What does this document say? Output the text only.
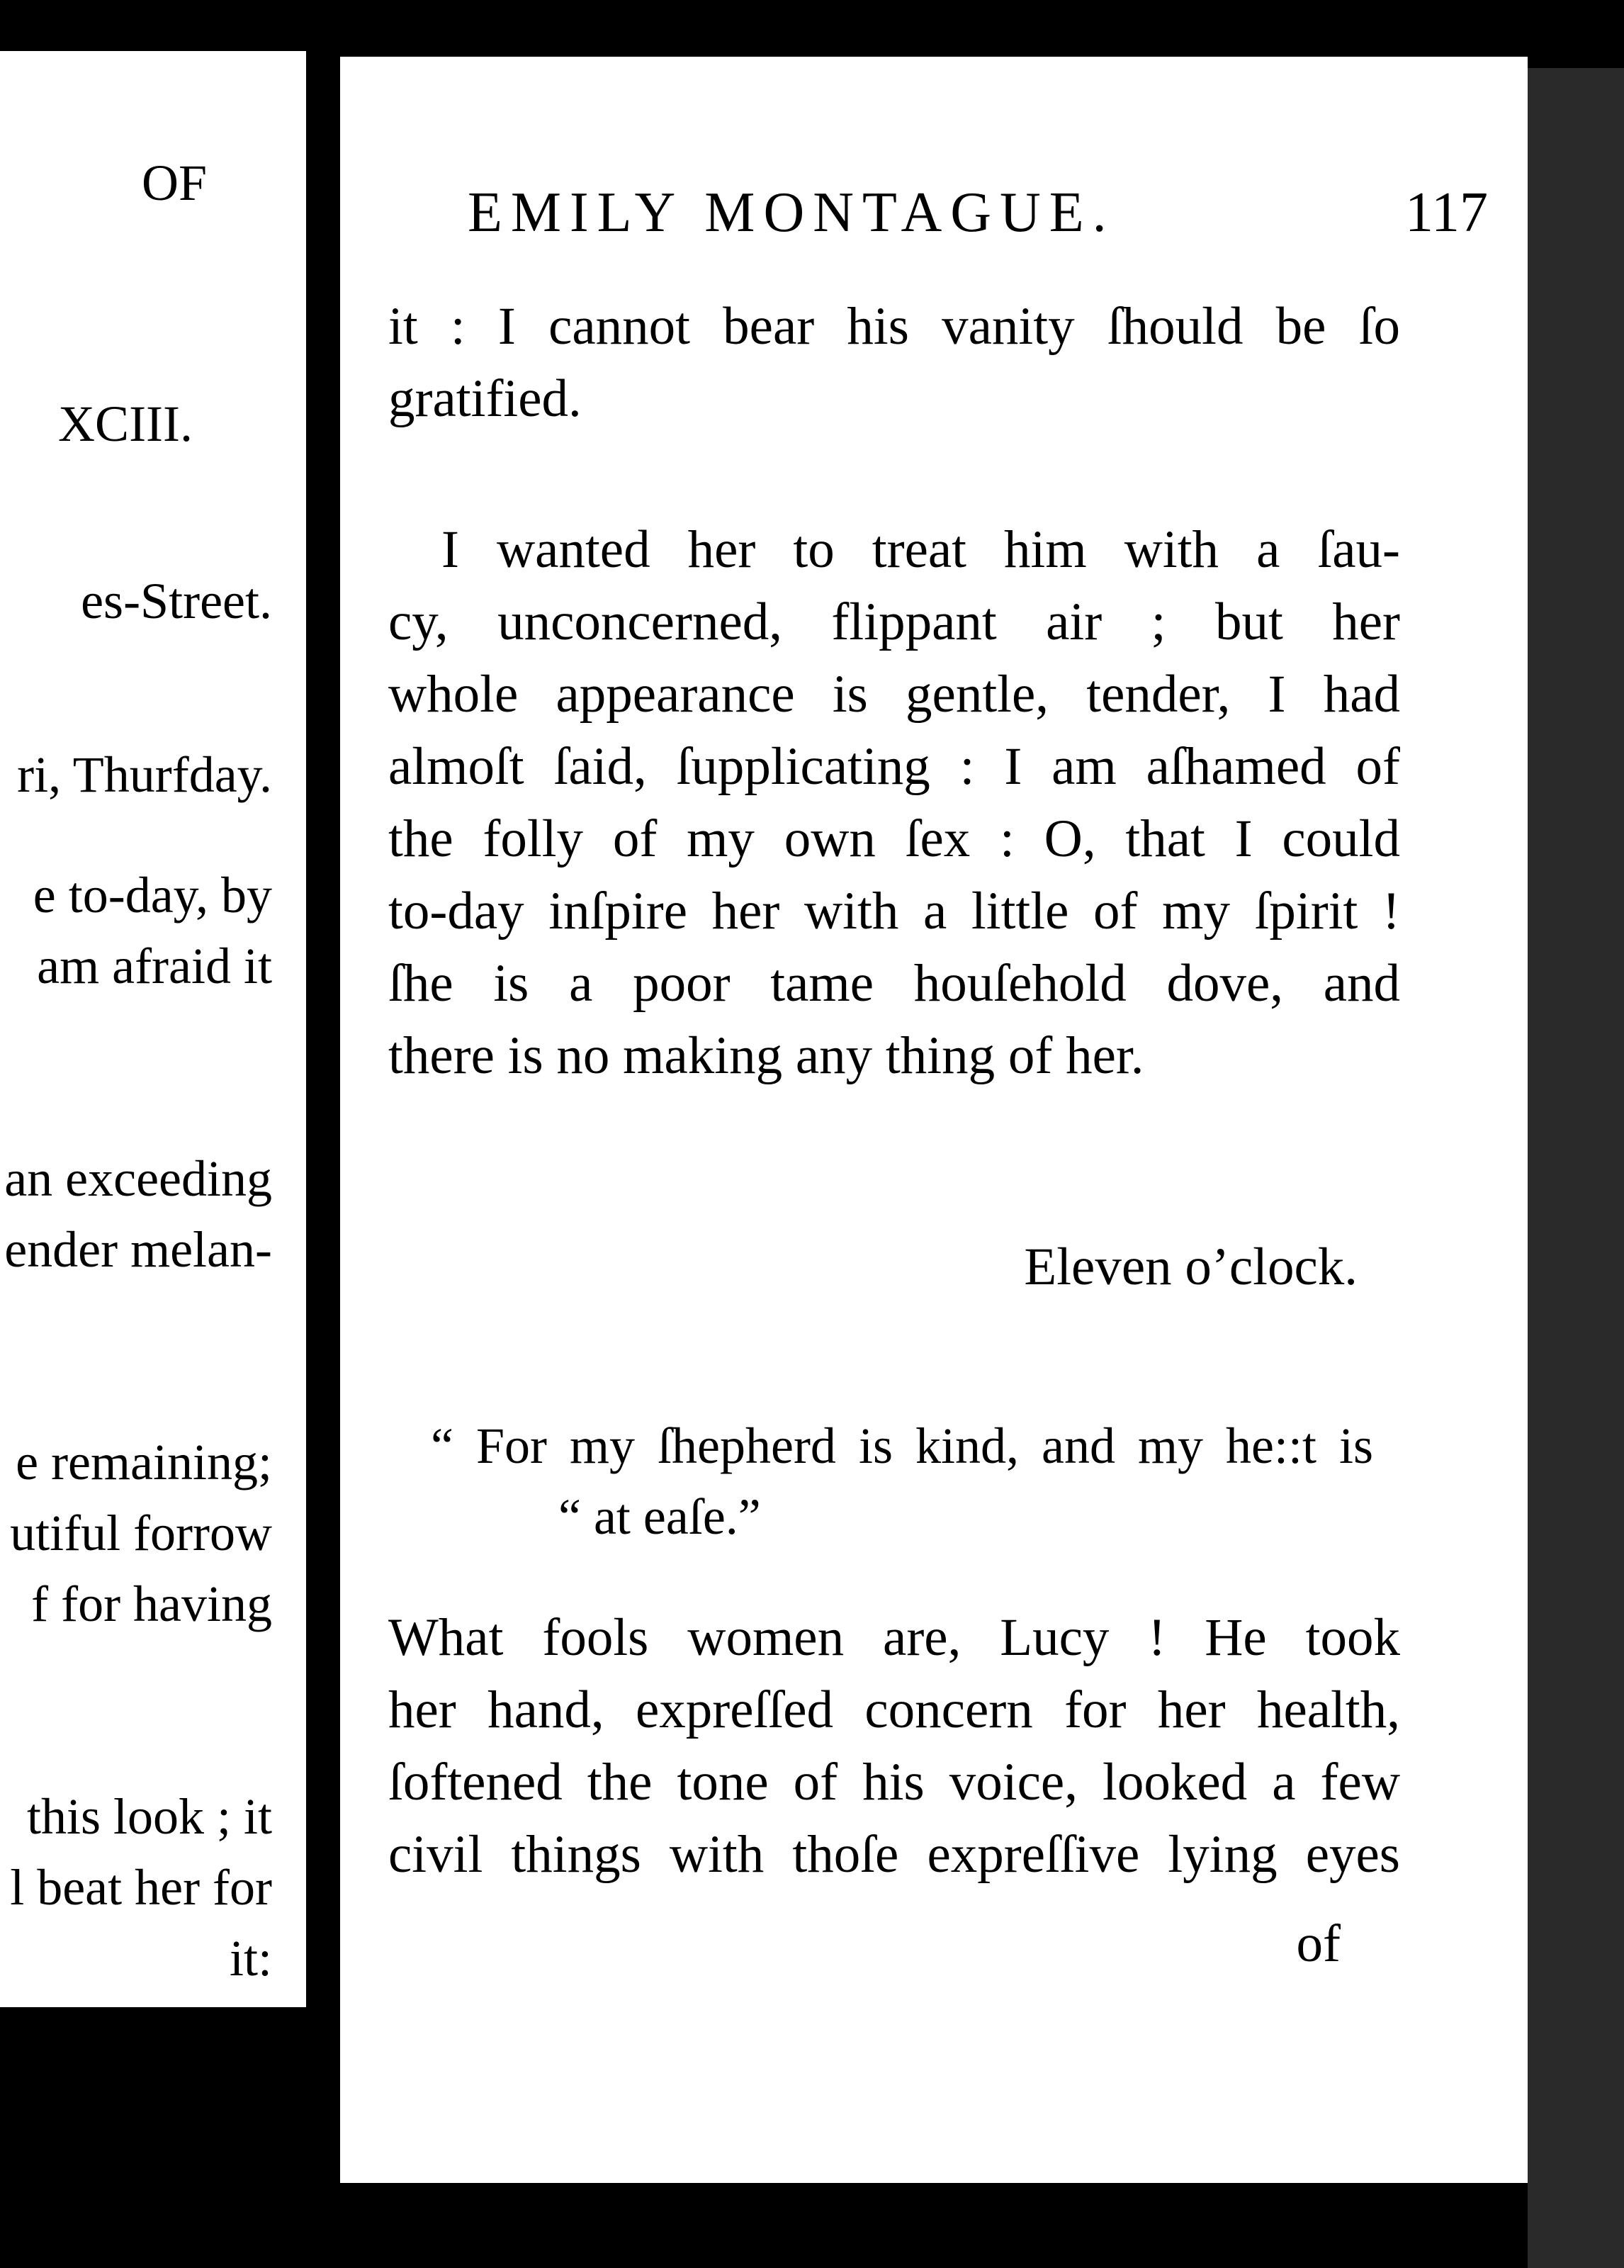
OF
XCIII.
es-Street.
ri, Thurfday.
e to-day, by
am afraid it
an exceeding
ender melan-
e remaining;
utiful forrow
f for having
this look ; it
l beat her for
it:
EMILY MONTAGUE.	117
it : I cannot bear his vanity ſhould be ſo
gratified.
I wanted her to treat him with a ſau-
cy, unconcerned, flippant air ; but her
whole appearance is gentle, tender, I had
almoſt ſaid, ſupplicating : I am aſhamed of
the folly of my own ſex : O, that I could
to-day inſpire her with a little of my ſpirit !
ſhe is a poor tame houſehold dove, and
there is no making any thing of her.
Eleven o’clock.
“ For my ſhepherd is kind, and my he::t is
“ at eaſe.”
What fools women are, Lucy ! He took
her hand, expreſſed concern for her health,
ſoftened the tone of his voice, looked a few
civil things with thoſe expreſſive lying eyes
of
